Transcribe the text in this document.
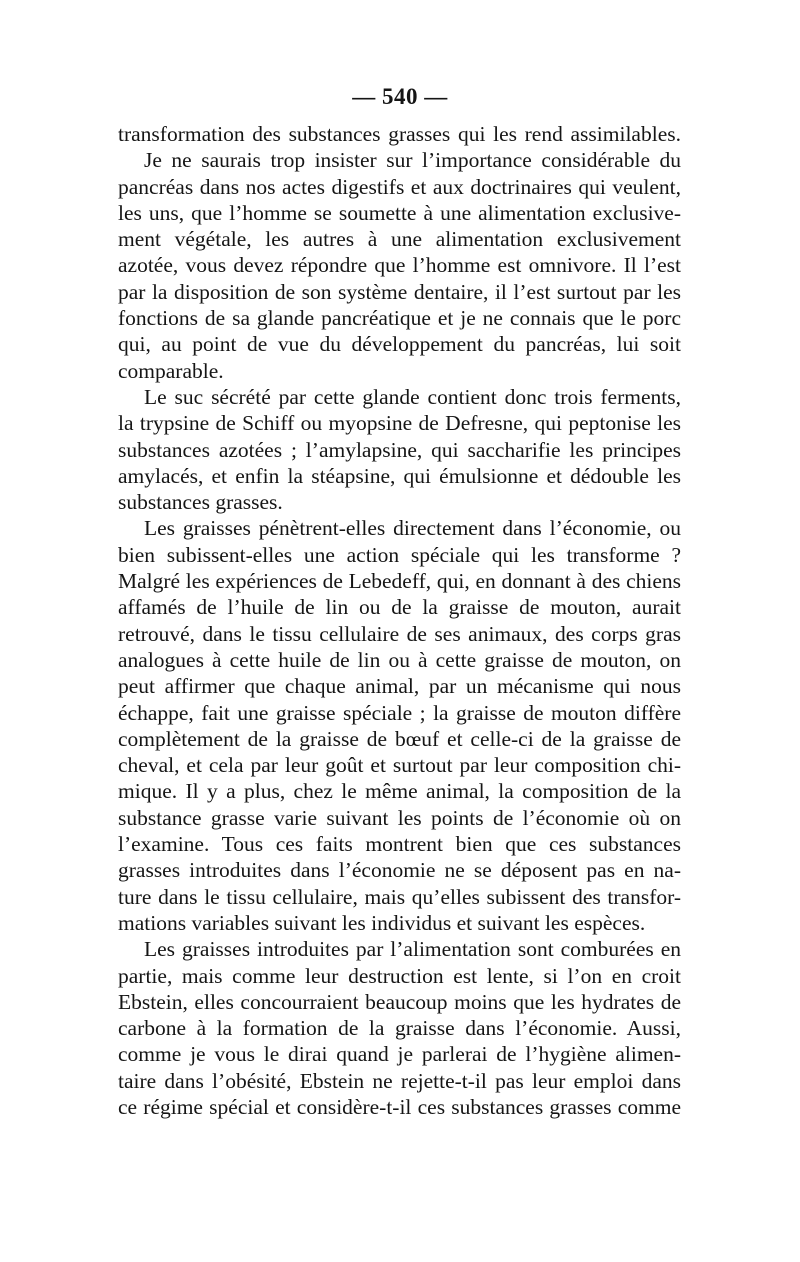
— 540 —
transformation des substances grasses qui les rend assimilables.
Je ne saurais trop insister sur l’importance considérable du
pancréas dans nos actes digestifs et aux doctrinaires qui veulent,
les uns, que l’homme se soumette à une alimentation exclusive-
ment végétale, les autres à une alimentation exclusivement
azotée, vous devez répondre que l’homme est omnivore. Il l’est
par la disposition de son système dentaire, il l’est surtout par les
fonctions de sa glande pancréatique et je ne connais que le porc
qui, au point de vue du développement du pancréas, lui soit
comparable.
Le suc sécrété par cette glande contient donc trois ferments,
la trypsine de Schiff ou myopsine de Defresne, qui peptonise les
substances azotées ; l’amylapsine, qui saccharifie les principes
amylacés, et enfin la stéapsine, qui émulsionne et dédouble les
substances grasses.
Les graisses pénètrent-elles directement dans l’économie, ou
bien subissent-elles une action spéciale qui les transforme ?
Malgré les expériences de Lebedeff, qui, en donnant à des chiens
affamés de l’huile de lin ou de la graisse de mouton, aurait
retrouvé, dans le tissu cellulaire de ses animaux, des corps gras
analogues à cette huile de lin ou à cette graisse de mouton, on
peut affirmer que chaque animal, par un mécanisme qui nous
échappe, fait une graisse spéciale ; la graisse de mouton diffère
complètement de la graisse de bœuf et celle-ci de la graisse de
cheval, et cela par leur goût et surtout par leur composition chi-
mique. Il y a plus, chez le même animal, la composition de la
substance grasse varie suivant les points de l’économie où on
l’examine. Tous ces faits montrent bien que ces substances
grasses introduites dans l’économie ne se déposent pas en na-
ture dans le tissu cellulaire, mais qu’elles subissent des transfor-
mations variables suivant les individus et suivant les espèces.
Les graisses introduites par l’alimentation sont comburées en
partie, mais comme leur destruction est lente, si l’on en croit
Ebstein, elles concourraient beaucoup moins que les hydrates de
carbone à la formation de la graisse dans l’économie. Aussi,
comme je vous le dirai quand je parlerai de l’hygiène alimen-
taire dans l’obésité, Ebstein ne rejette-t-il pas leur emploi dans
ce régime spécial et considère-t-il ces substances grasses comme
